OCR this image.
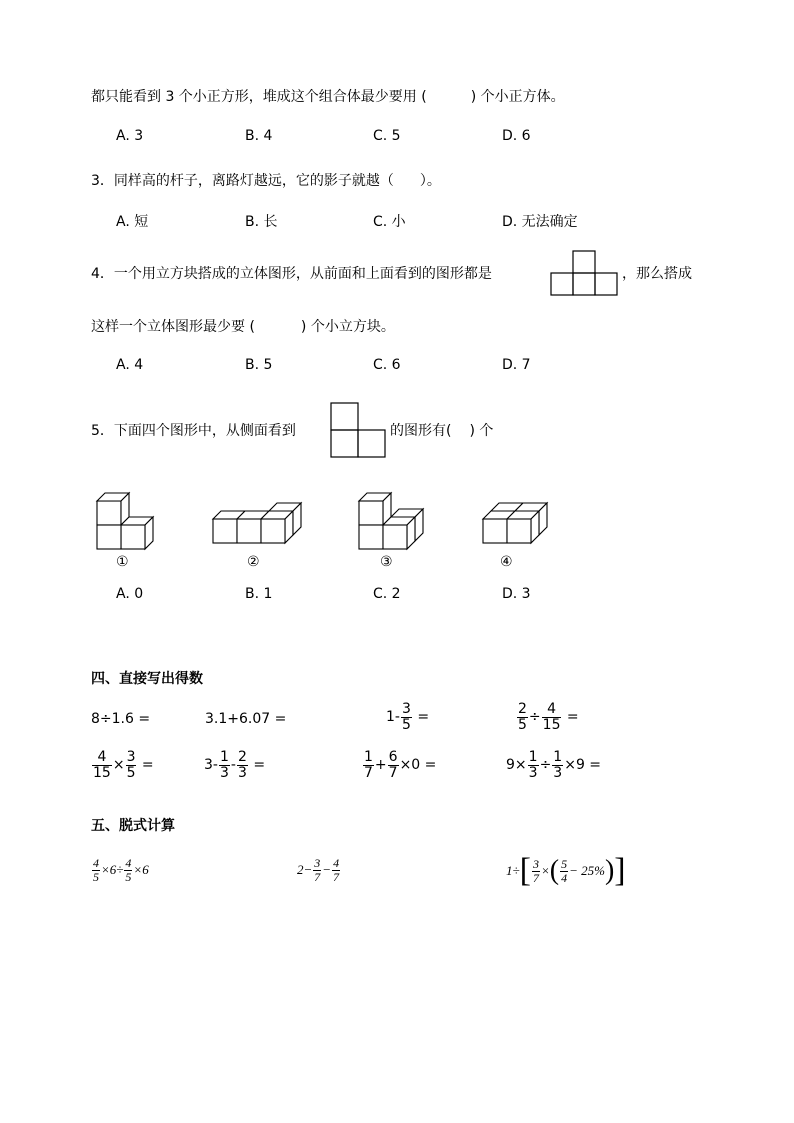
都只能看到 3 个小正方形，堆成这个组合体最少要用 (	) 个小正方体。
A. 3	B. 4	C. 5	D. 6
3．同样高的杆子，离路灯越远，它的影子就越（ ）。
A. 短	B. 长	C. 小	D. 无法确定
4．一个用立方块搭成的立体图形，从前面和上面看到的图形都是	，那么搭成
这样一个立体图形最少要 (	) 个小立方块。
A. 4	B. 5	C. 6	D. 7
5．下面四个图形中，从侧面看到	的图形有( ) 个
①	②	③	④
A. 0	B. 1	C. 2	D. 3
四、直接写出得数
8÷1.6 =	3.1+6.07 =	$1- \frac{3}{5}$ =	$\frac{2}{5} \div \frac{4}{15}$ =
$\frac{4}{15} \times \frac{3}{5}$ =	$3- \frac{1}{3} - \frac{2}{3}$ =	$\frac{1}{7} + \frac{6}{7} \times 0$ =	$9\times \frac{1}{3} \div \frac{1}{3} \times 9$ =
五、脱式计算
$\frac{4}{5} \times 6\div \frac{4}{5} \times 6$	$2- \frac{3}{7} - \frac{4}{7}$	$1\div[ \frac{3}{7}$ ×( $\frac{5}{4} - 25\%$)]
